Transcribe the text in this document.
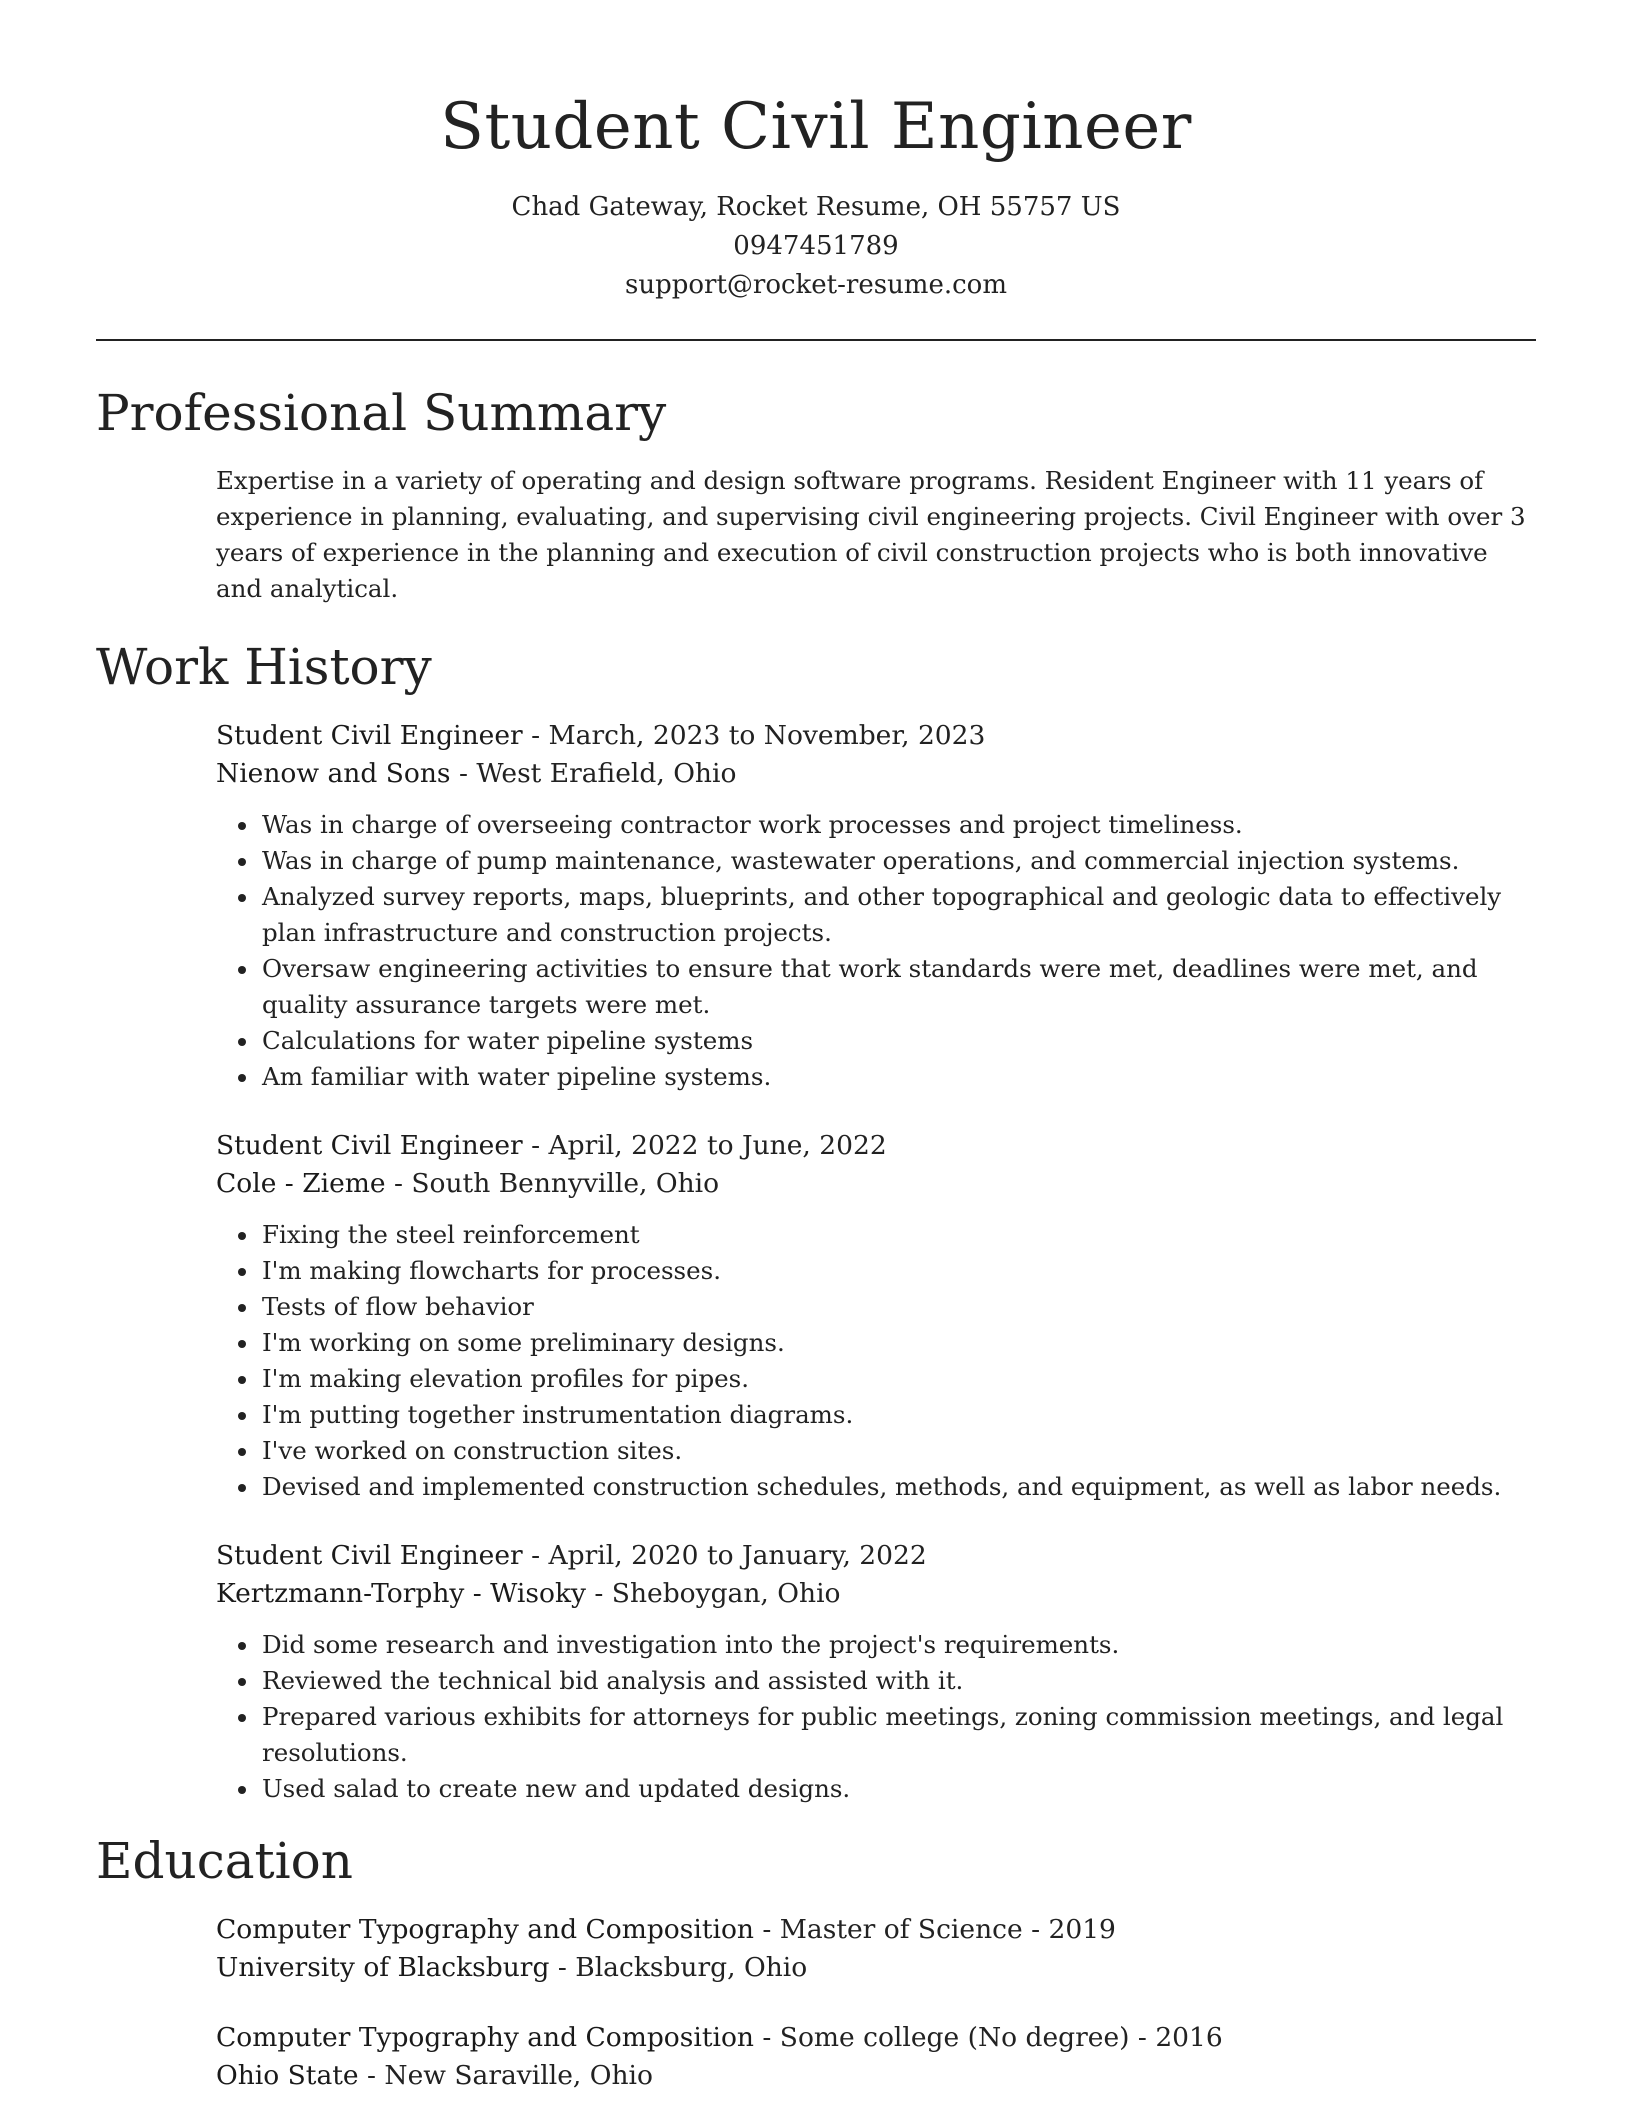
Student Civil Engineer
Chad Gateway, Rocket Resume, OH 55757 US
0947451789
support@rocket-resume.com
Professional Summary

Expertise in a variety of operating and design software programs. Resident Engineer with 11 years of experience in planning, evaluating, and supervising civil engineering projects. Civil Engineer with over 3 years of experience in the planning and execution of civil construction projects who is both innovative and analytical.

Work History
Student Civil Engineer - March, 2023 to November, 2023
Nienow and Sons - West Erafield, Ohio
• Was in charge of overseeing contractor work processes and project timeliness.
• Was in charge of pump maintenance, wastewater operations, and commercial injection systems.
• Analyzed survey reports, maps, blueprints, and other topographical and geologic data to effectively plan infrastructure and construction projects.
• Oversaw engineering activities to ensure that work standards were met, deadlines were met, and quality assurance targets were met.
• Calculations for water pipeline systems
• Am familiar with water pipeline systems.
Student Civil Engineer - April, 2022 to June, 2022
Cole - Zieme - South Bennyville, Ohio
• Fixing the steel reinforcement
• I'm making flowcharts for processes.
• Tests of flow behavior
• I'm working on some preliminary designs.
• I'm making elevation profiles for pipes.
• I'm putting together instrumentation diagrams.
• I've worked on construction sites.
• Devised and implemented construction schedules, methods, and equipment, as well as labor needs.
Student Civil Engineer - April, 2020 to January, 2022
Kertzmann-Torphy - Wisoky - Sheboygan, Ohio
• Did some research and investigation into the project's requirements.
• Reviewed the technical bid analysis and assisted with it.
• Prepared various exhibits for attorneys for public meetings, zoning commission meetings, and legal resolutions.
• Used salad to create new and updated designs.
Education
Computer Typography and Composition - Master of Science - 2019
University of Blacksburg - Blacksburg, Ohio
Computer Typography and Composition - Some college (No degree) - 2016
Ohio State - New Saraville, Ohio
